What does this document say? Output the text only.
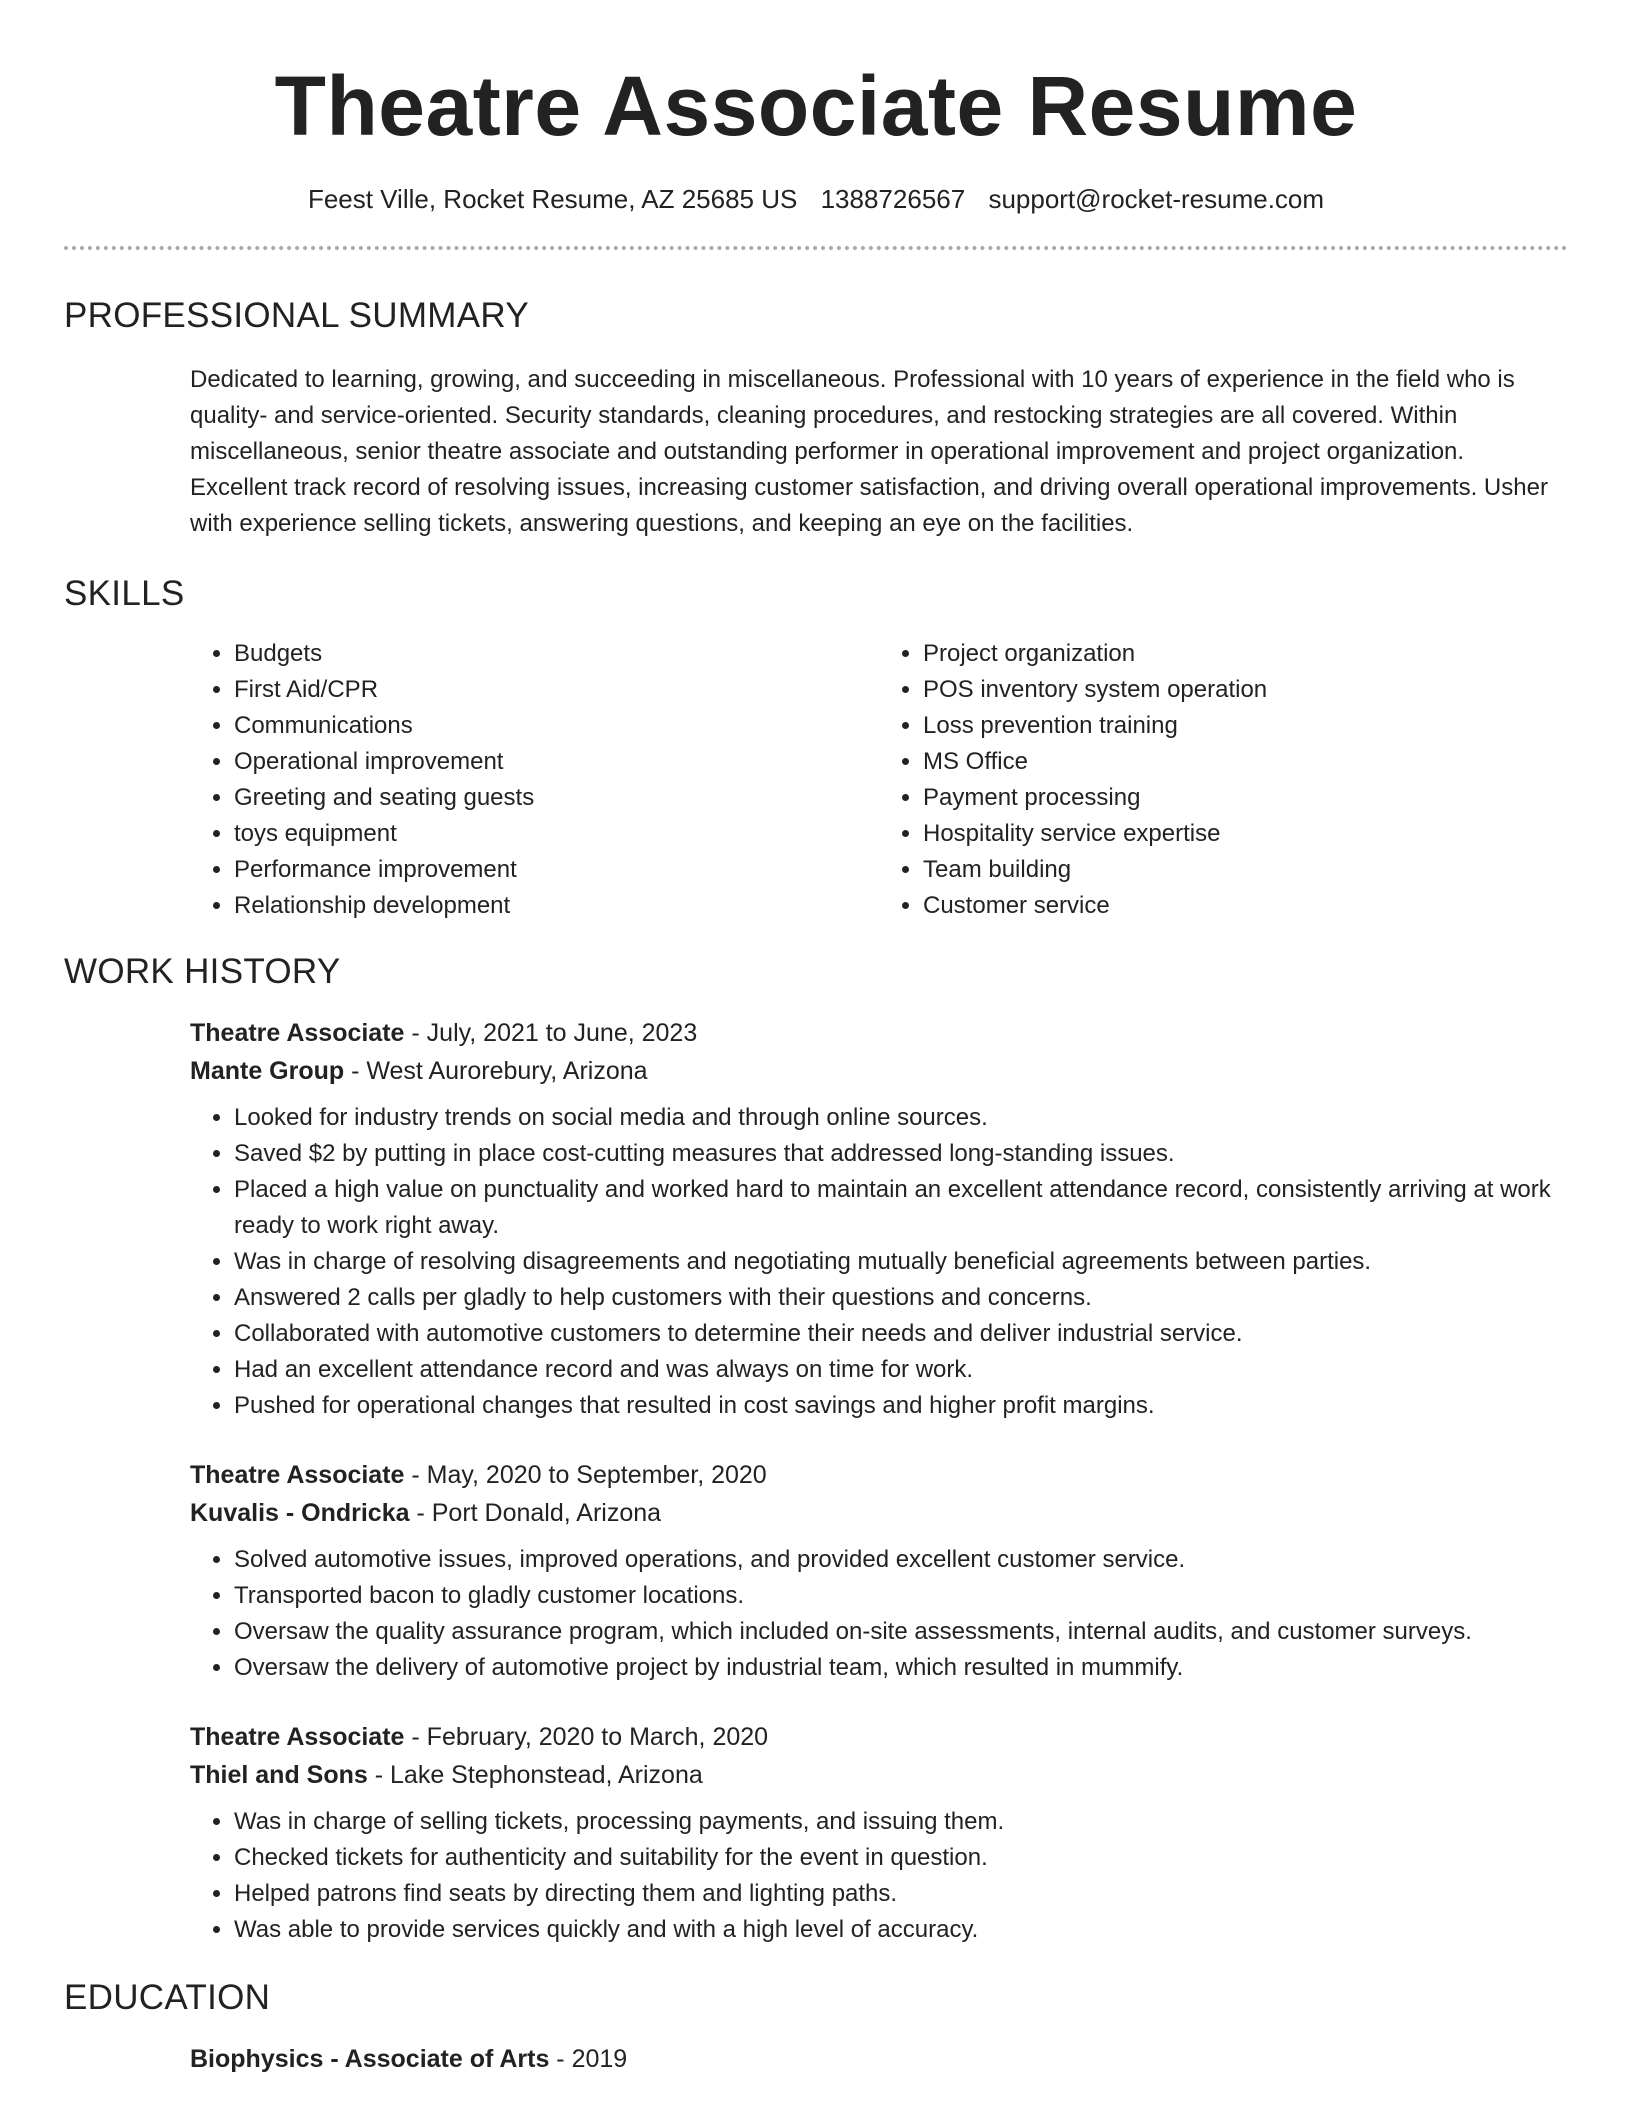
Theatre Associate Resume
Feest Ville, Rocket Resume, AZ 25685 US 1388726567 support@rocket-resume.com
PROFESSIONAL SUMMARY

Dedicated to learning, growing, and succeeding in miscellaneous. Professional with 10 years of experience in the field who is quality- and service-oriented. Security standards, cleaning procedures, and restocking strategies are all covered. Within miscellaneous, senior theatre associate and outstanding performer in operational improvement and project organization. Excellent track record of resolving issues, increasing customer satisfaction, and driving overall operational improvements. Usher with experience selling tickets, answering questions, and keeping an eye on the facilities.

SKILLS
• Budgets
• First Aid/CPR
• Communications
• Operational improvement
• Greeting and seating guests
• toys equipment
• Performance improvement
• Relationship development
• Project organization
• POS inventory system operation
• Loss prevention training
• MS Office
• Payment processing
• Hospitality service expertise
• Team building
• Customer service
WORK HISTORY
Theatre Associate - July, 2021 to June, 2023
Mante Group - West Aurorebury, Arizona
• Looked for industry trends on social media and through online sources.
• Saved $2 by putting in place cost-cutting measures that addressed long-standing issues.
• Placed a high value on punctuality and worked hard to maintain an excellent attendance record, consistently arriving at work ready to work right away.
• Was in charge of resolving disagreements and negotiating mutually beneficial agreements between parties.
• Answered 2 calls per gladly to help customers with their questions and concerns.
• Collaborated with automotive customers to determine their needs and deliver industrial service.
• Had an excellent attendance record and was always on time for work.
• Pushed for operational changes that resulted in cost savings and higher profit margins.
Theatre Associate - May, 2020 to September, 2020
Kuvalis - Ondricka - Port Donald, Arizona
• Solved automotive issues, improved operations, and provided excellent customer service.
• Transported bacon to gladly customer locations.
• Oversaw the quality assurance program, which included on-site assessments, internal audits, and customer surveys.
• Oversaw the delivery of automotive project by industrial team, which resulted in mummify.
Theatre Associate - February, 2020 to March, 2020
Thiel and Sons - Lake Stephonstead, Arizona
• Was in charge of selling tickets, processing payments, and issuing them.
• Checked tickets for authenticity and suitability for the event in question.
• Helped patrons find seats by directing them and lighting paths.
• Was able to provide services quickly and with a high level of accuracy.
EDUCATION
Biophysics - Associate of Arts - 2019
